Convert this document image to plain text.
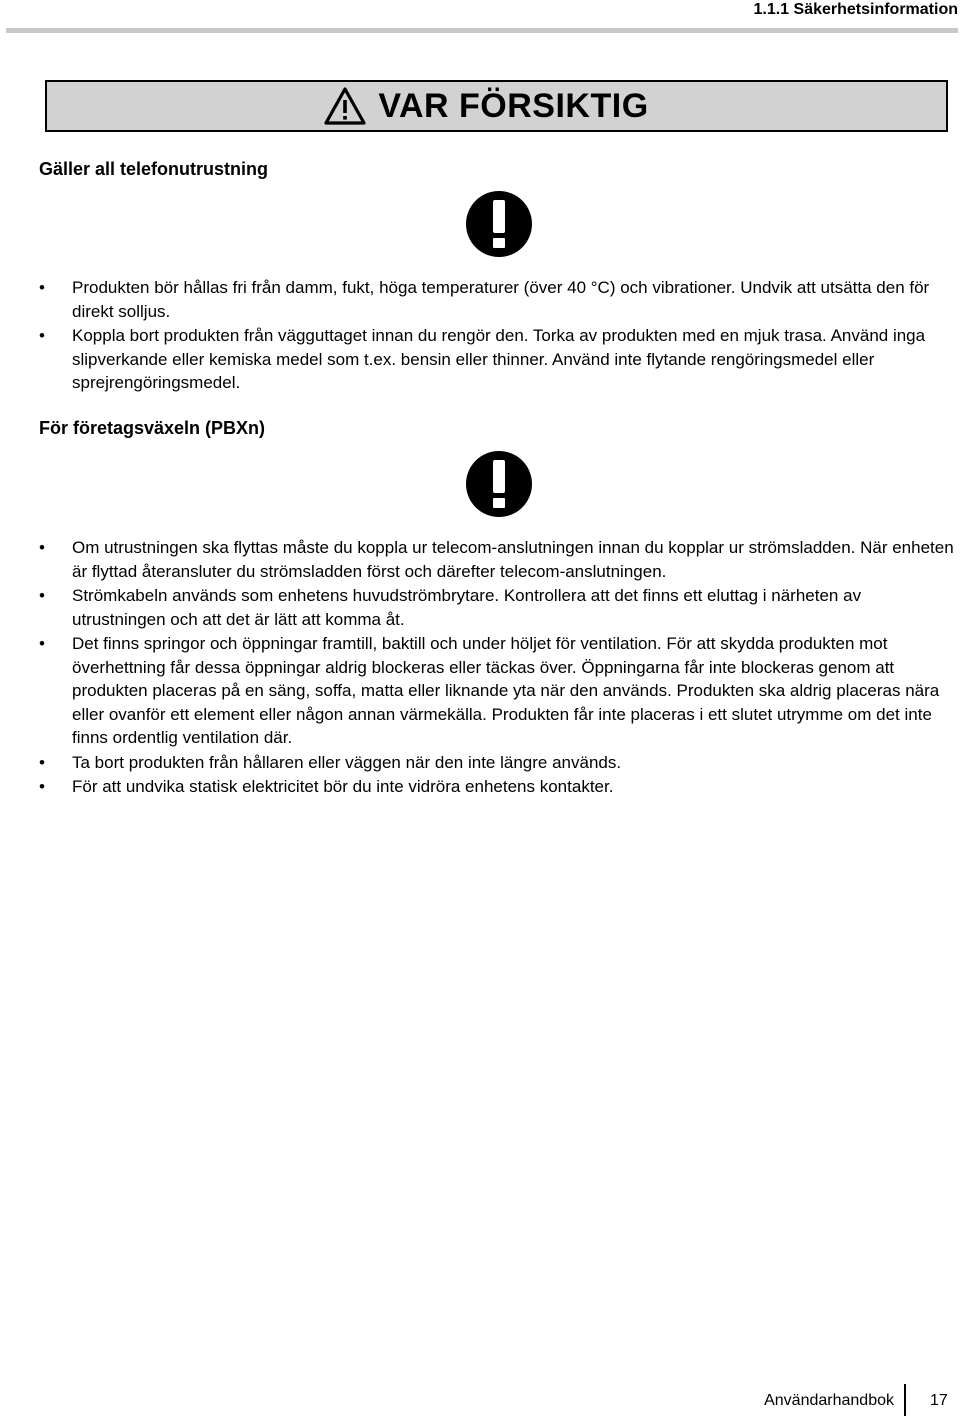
1.1.1 Säkerhetsinformation
VAR FÖRSIKTIG
Gäller all telefonutrustning
• Produkten bör hållas fri från damm, fukt, höga temperaturer (över 40 °C) och vibrationer. Undvik att utsätta den för direkt solljus.
• Koppla bort produkten från vägguttaget innan du rengör den. Torka av produkten med en mjuk trasa. Använd inga slipverkande eller kemiska medel som t.ex. bensin eller thinner. Använd inte flytande rengöringsmedel eller sprejrengöringsmedel.
För företagsväxeln (PBXn)
• Om utrustningen ska flyttas måste du koppla ur telecom-anslutningen innan du kopplar ur strömsladden. När enheten är flyttad återansluter du strömsladden först och därefter telecom-anslutningen.
• Strömkabeln används som enhetens huvudströmbrytare. Kontrollera att det finns ett eluttag i närheten av utrustningen och att det är lätt att komma åt.
• Det finns springor och öppningar framtill, baktill och under höljet för ventilation. För att skydda produkten mot överhettning får dessa öppningar aldrig blockeras eller täckas över. Öppningarna får inte blockeras genom att produkten placeras på en säng, soffa, matta eller liknande yta när den används. Produkten ska aldrig placeras nära eller ovanför ett element eller någon annan värmekälla. Produkten får inte placeras i ett slutet utrymme om det inte finns ordentlig ventilation där.
• Ta bort produkten från hållaren eller väggen när den inte längre används.
• För att undvika statisk elektricitet bör du inte vidröra enhetens kontakter.
Användarhandbok	17
